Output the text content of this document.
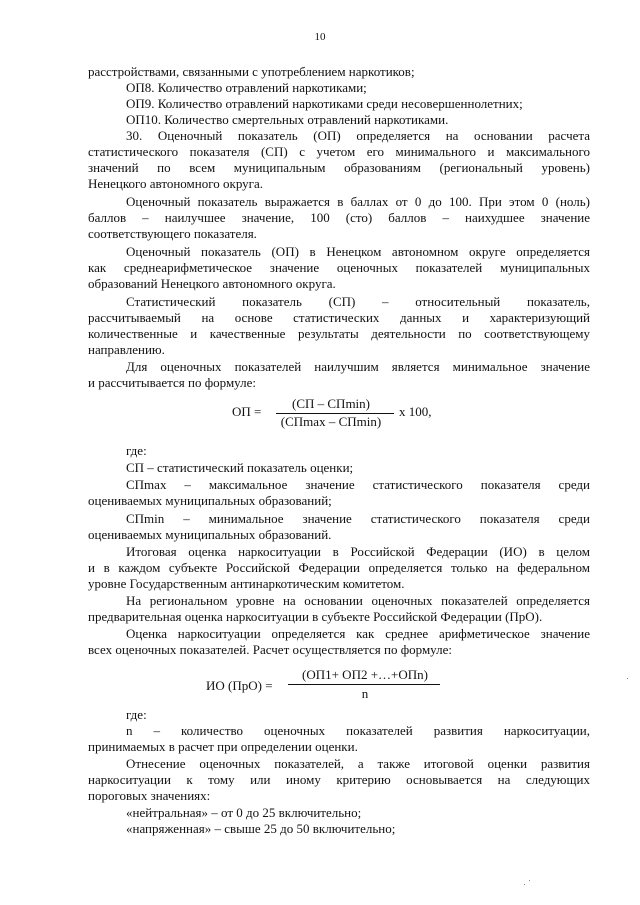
10
расстройствами, связанными с употреблением наркотиков;
ОП8. Количество отравлений наркотиками;
ОП9. Количество отравлений наркотиками среди несовершеннолетних;
ОП10. Количество смертельных отравлений наркотиками.
30. Оценочный показатель (ОП) определяется на основании расчета
статистического показателя (СП) с учетом его минимального и максимального
значений по всем муниципальным образованиям (региональный уровень)
Ненецкого автономного округа.
Оценочный показатель выражается в баллах от 0 до 100. При этом 0 (ноль)
баллов – наилучшее значение, 100 (сто) баллов – наихудшее значение
соответствующего показателя.
Оценочный показатель (ОП) в Ненецком автономном округе определяется
как среднеарифметическое значение оценочных показателей муниципальных
образований Ненецкого автономного округа.
Статистический показатель (СП) – относительный показатель,
рассчитываемый на основе статистических данных и характеризующий
количественные и качественные результаты деятельности по соответствующему
направлению.
Для оценочных показателей наилучшим является минимальное значение
и рассчитывается по формуле:
ОП =
(СП – СПmin)
(СПmax – СПmin)
x 100,
где:
СП – статистический показатель оценки;
СПmax – максимальное значение статистического показателя среди
оцениваемых муниципальных образований;
СПmin – минимальное значение статистического показателя среди
оцениваемых муниципальных образований.
Итоговая оценка наркоситуации в Российской Федерации (ИО) в целом
и в каждом субъекте Российской Федерации определяется только на федеральном
уровне Государственным антинаркотическим комитетом.
На региональном уровне на основании оценочных показателей определяется
предварительная оценка наркоситуации в субъекте Российской Федерации (ПрО).
Оценка наркоситуации определяется как среднее арифметическое значение
всех оценочных показателей. Расчет осуществляется по формуле:
ИО (ПрО) =
(ОП1+ ОП2 +…+ОПn)
n
где:
n – количество оценочных показателей развития наркоситуации,
принимаемых в расчет при определении оценки.
Отнесение оценочных показателей, а также итоговой оценки развития
наркоситуации к тому или иному критерию основывается на следующих
пороговых значениях:
«нейтральная» – от 0 до 25 включительно;
«напряженная» – свыше 25 до 50 включительно;
